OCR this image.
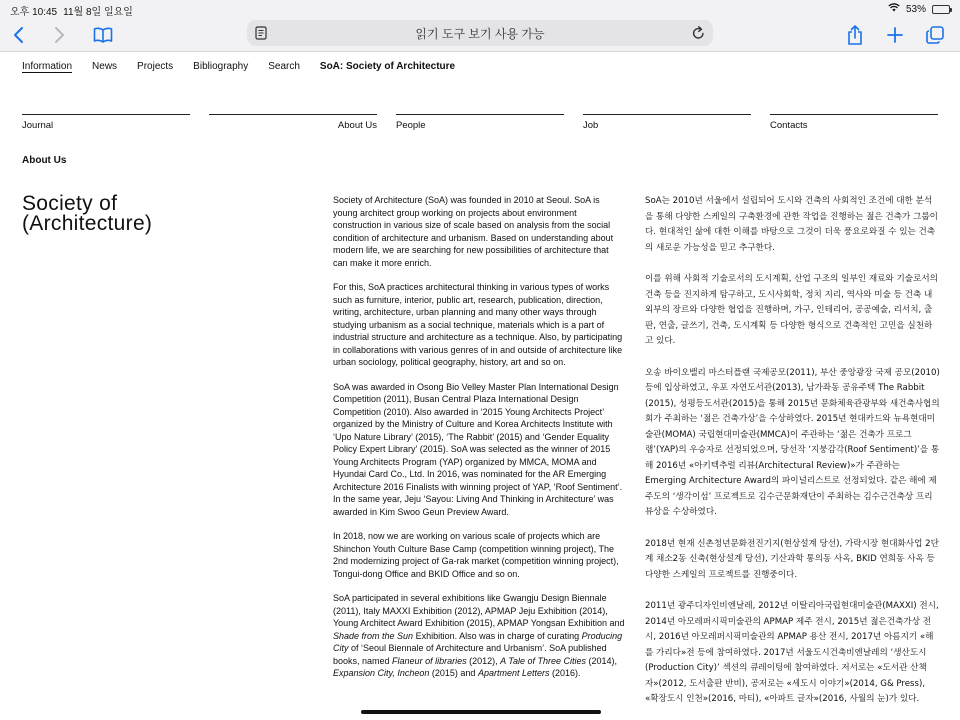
오후 10:45 11월 8일 일요일	53%
읽기 도구 보기 사용 가능
Information News Projects Bibliography Search SoA: Society of Architecture
Journal	About Us People	Job	Contacts
About Us
Society of
(Architecture)

Society of Architecture (SoA) was founded in 2010 at Seoul. SoA is young architect group working on projects about environment construction in various size of scale based on analysis from the social condition of architecture and urbanism. Based on understanding about modern life, we are searching for new possibilities of architecture that can make it more enrich.

For this, SoA practices architectural thinking in various types of works such as furniture, interior, public art, research, publication, direction, writing, architecture, urban planning and many other ways through studying urbanism as a social technique, materials which is a part of industrial structure and architecture as a technique. Also, by participating in collaborations with various genres of in and outside of architecture like urban sociology, political geography, history, art and so on.

SoA was awarded in Osong Bio Velley Master Plan International Design Competition (2011), Busan Central Plaza International Design Competition (2010). Also awarded in ‘2015 Young Architects Project’ organized by the Ministry of Culture and Korea Architects Institute with ‘Upo Nature Library’ (2015), ‘The Rabbit’ (2015) and ‘Gender Equality Policy Expert Library’ (2015). SoA was selected as the winner of 2015 Young Architects Program (YAP) organized by MMCA, MOMA and Hyundai Card Co., Ltd. In 2016, was nominated for the AR Emerging Architecture 2016 Finalists with winning project of YAP, ‘Roof Sentiment’. In the same year, Jeju ‘Sayou: Living And Thinking in Architecture’ was awarded in Kim Swoo Geun Preview Award.

In 2018, now we are working on various scale of projects which are Shinchon Youth Culture Base Camp (competition winning project), The 2nd modernizing project of Ga-rak market (competition winning project), Tongui-dong Office and BKID Office and so on.

SoA participated in several exhibitions like Gwangju Design Biennale (2011), Italy MAXXI Exhibition (2012), APMAP Jeju Exhibition (2014), Young Architect Award Exhibition (2015), APMAP Yongsan Exhibition and Shade from the Sun Exhibition. Also was in charge of curating Producing City of ‘Seoul Biennale of Architecture and Urbanism’. SoA published books, named Flaneur of libraries (2012), A Tale of Three Cities (2014), Expansion City, Incheon (2015) and Apartment Letters (2016).

SoA는 2010년 서울에서 설립되어 도시와 건축의 사회적인 조건에 대한 분석을 통해 다양한 스케일의 구축환경에 관한 작업을 진행하는 젊은 건축가 그룹이다. 현대적인 삶에 대한 이해를 바탕으로 그것이 더욱 풍요로와질 수 있는 건축의 새로운 가능성을 믿고 추구한다.

이를 위해 사회적 기술로서의 도시계획, 산업 구조의 일부인 재료와 기술로서의 건축 등을 진지하게 탐구하고, 도시사회학, 정치 지리, 역사와 미술 등 건축 내외부의 장르와 다양한 협업을 진행하며, 가구, 인테리어, 공공예술, 리서치, 출판, 연출, 글쓰기, 건축, 도시계획 등 다양한 형식으로 건축적인 고민을 실천하고 있다.

오송 바이오밸리 마스터플랜 국제공모(2011), 부산 중앙광장 국제 공모(2010) 등에 입상하였고, 우포 자연도서관(2013), 남가좌동 공유주택 The Rabbit (2015), 성평등도서관(2015)을 통해 2015년 문화체육관광부와 새건축사협의회가 주최하는 ‘젊은 건축가상’을 수상하였다. 2015년 현대카드와 뉴욕현대미술관(MOMA) 국립현대미술관(MMCA)이 주관하는 ‘젊은 건축가 프로그램’(YAP)의 우승자로 선정되었으며, 당선작 ‘지붕감각(Roof Sentiment)’을 통해 2016년 «아키텍추럴 리뷰(Architectural Review)»가 주관하는 Emerging Architecture Award의 파이널리스트로 선정되었다. 같은 해에 제주도의 ‘생각이섬’ 프로젝트로 김수근문화재단이 주최하는 김수근건축상 프리뷰상을 수상하였다.

2018년 현재 신촌청년문화전진기지(현상설계 당선), 가락시장 현대화사업 2단계 채소2동 신축(현상설계 당선), 기산과학 통의동 사옥, BKID 연희동 사옥 등 다양한 스케일의 프로젝트를 진행중이다.

2011년 광주디자인비엔날레, 2012년 이탈리아국립현대미술관(MAXXI) 전시, 2014년 아모레퍼시픽미술관의 APMAP 제주 전시, 2015년 젊은건축가상 전시, 2016년 아모레퍼시픽미술관의 APMAP 용산 전시, 2017년 아름지기 «해를 가리다»전 등에 참여하였다. 2017년 서울도시건축비엔날레의 ‘생산도시(Production City)’ 섹션의 큐레이팅에 참여하였다. 저서로는 «도서관 산책자»(2012, 도서출판 반비), 공저로는 «세도시 이야기»(2014, G& Press), «확장도시 인천»(2016, 마티), «아파트 글자»(2016, 사월의 눈)가 있다.
